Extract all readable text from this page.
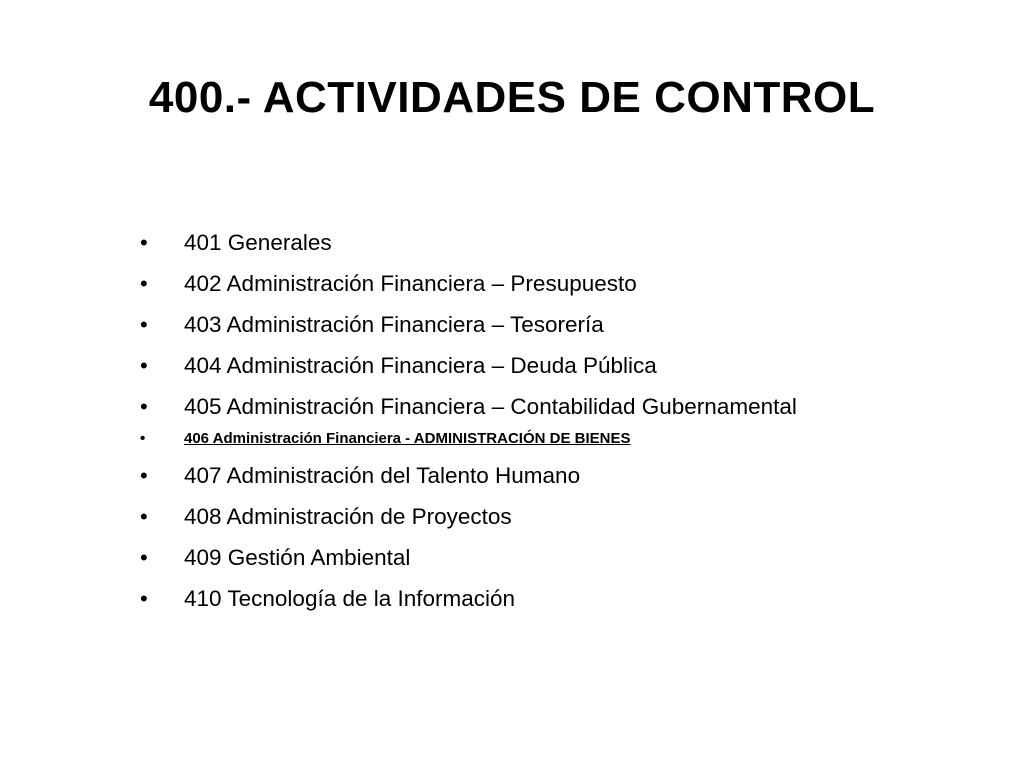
400.- ACTIVIDADES DE CONTROL
• 401 Generales
• 402 Administración Financiera – Presupuesto
• 403 Administración Financiera – Tesorería
• 404 Administración Financiera – Deuda Pública
• 405 Administración Financiera – Contabilidad Gubernamental
•	406 Administración Financiera - ADMINISTRACIÓN DE BIENES
• 407 Administración del Talento Humano
• 408 Administración de Proyectos
• 409 Gestión Ambiental
• 410 Tecnología de la Información
